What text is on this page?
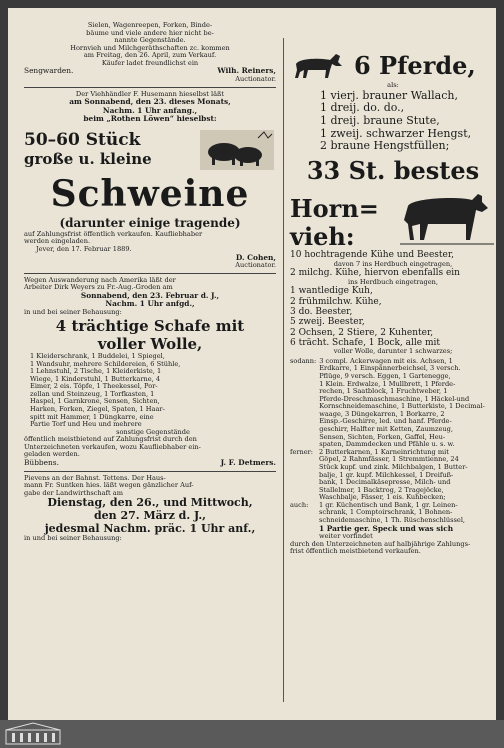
Sielen, Wagenreepen, Forken, Binde-

bäume und viele andere hier nicht be-

nannte Gegenstände.

Hornvieh und Milchgeräthschaften zc. kommen

am Freitag, den 26. April, zum Verkauf.

Käufer ladet freundlichst ein

Sengwarden.	Wilh. Reiners,

Auctionator.

Der Viehhändler F. Husemann hieselbst läßt

am Sonnabend, den 23. dieses Monats,

Nachm. 1 Uhr anfang.,

beim „Rothen Löwen“ hieselbst:

50–60 Stück

große u. kleine

Schweine

(darunter einige tragende)

auf Zahlungsfrist öffentlich verkaufen. Kaufliebhaber

werden eingeladen.

Jever, den 17. Februar 1889.

D. Cohen,

Auctionator.

Wegen Auswanderung nach Amerika läßt der

Arbeiter Dirk Weyers zu Fr.-Aug.-Groden am

Sonnabend, den 23. Februar d. J.,

Nachm. 1 Uhr anfgd.,

in und bei seiner Behausung:

4 trächtige Schafe mit

voller Wolle,

1 Kleiderschrank, 1 Buddelei, 1 Spiegel,

1 Wandsuhr, mehrere Schildereien, 6 Stühle,

1 Lehnstuhl, 2 Tische, 1 Kleiderkiste, 1

Wiege, 1 Kinderstuhl, 1 Butterkarne, 4

Eimer, 2 eis. Töpfe, 1 Theekessel, Por-

zellan und Steinzeug, 1 Torfkasten, 1

Haspel, 1 Garnkrone, Sensen, Sichten,

Harken, Forken, Ziegel, Spaten, 1 Haar-

spitt mit Hammer, 1 Düngkarre, eine

Partie Torf und Heu und mehrere

sonstige Gegenstände

öffentlich meistbietend auf Zahlungsfrist durch den

Unterzeichneten verkaufen, wozu Kaufliebhaber ein-

geladen werden.

Bübbens.	J. F. Detmers.

Pievens an der Bahnst. Tettens. Der Haus-

mann Fr. Suntken hies. läßt wegen gänzlicher Auf-

gabe der Landwirthschaft am

Dienstag, den 26., und Mittwoch,

den 27. März d. J.,

jedesmal Nachm. präc. 1 Uhr anf.,

in und bei seiner Behausung:

6 Pferde,

als:

1 vierj. brauner Wallach,

1 dreij. do. do.,

1 dreij. braune Stute,

1 zweij. schwarzer Hengst,

2 braune Hengstfüllen;

33 St. bestes

Horn=

vieh:

10 hochtragende Kühe und Beester,

davon 7 ins Herdbuch eingetragen,

2 milchg. Kühe, hiervon ebenfalls ein

ins Herdbuch eingetragen,

1 wantledige Kuh,

2 frühmilchw. Kühe,

3 do. Beester,

5 zweij. Beester,

2 Ochsen, 2 Stiere, 2 Kuhenter,

6 trächt. Schafe, 1 Bock, alle mit

voller Wolle, darunter 1 schwarzes;

sodann: 3 compl. Ackerwagen mit eis. Achsen, 1

Erdkarre, 1 Einspännerbeichsel, 3 versch.

Pflüge, 9 versch. Eggen, 1 Gartenegge,

1 Klein. Erdwalze, 1 Mullbrett, 1 Pferde-

rechen, 1 Saatblock, 1 Fruchtweber, 1

Pferde-Dreschmaschmaschine, 1 Häckel-und

Kornschneidemaschine, 1 Butterkiste, 1 Decimal-

waage, 3 Düngekarren, 1 Borkarre, 2

Einsp.-Geschirre, led. und hanf. Pferde-

geschirr, Halfter mit Ketten, Zaumzeug,

Sensen, Sichten, Forken, Gaffel, Heu-

spaten, Dammdecken und Pfähle u. s. w.

ferner: 2 Butterkarnen, 1 Karneinrichtung mit

Göpel, 2 Rahmfässer, 1 Stremmtienne, 24

Stück kupf. und zink. Milchbalgen, 1 Butter-

balje, 1 gr. kupf. Milchkessel, 1 Dreifuß-

bank, 1 Decimalkäsepresse, Milch- und

Stallelmer, 1 Backtrog, 2 Tragejöcke,

Waschbalje, Fässer, 1 eis. Kuhbecken;

auch:	1 gr. Küchentisch und Bank, 1 gr. Leinen-

schrank, 1 Comptoirschrank, 1 Bohnen-

schneidemaschine, 1 Th. Rüschenschlüssel,

1 Partie ger. Speck und was sich

weiter vorfindet

durch den Unterzeichneten auf halbjährige Zahlungs-

frist öffentlich meistbietend verkaufen.
